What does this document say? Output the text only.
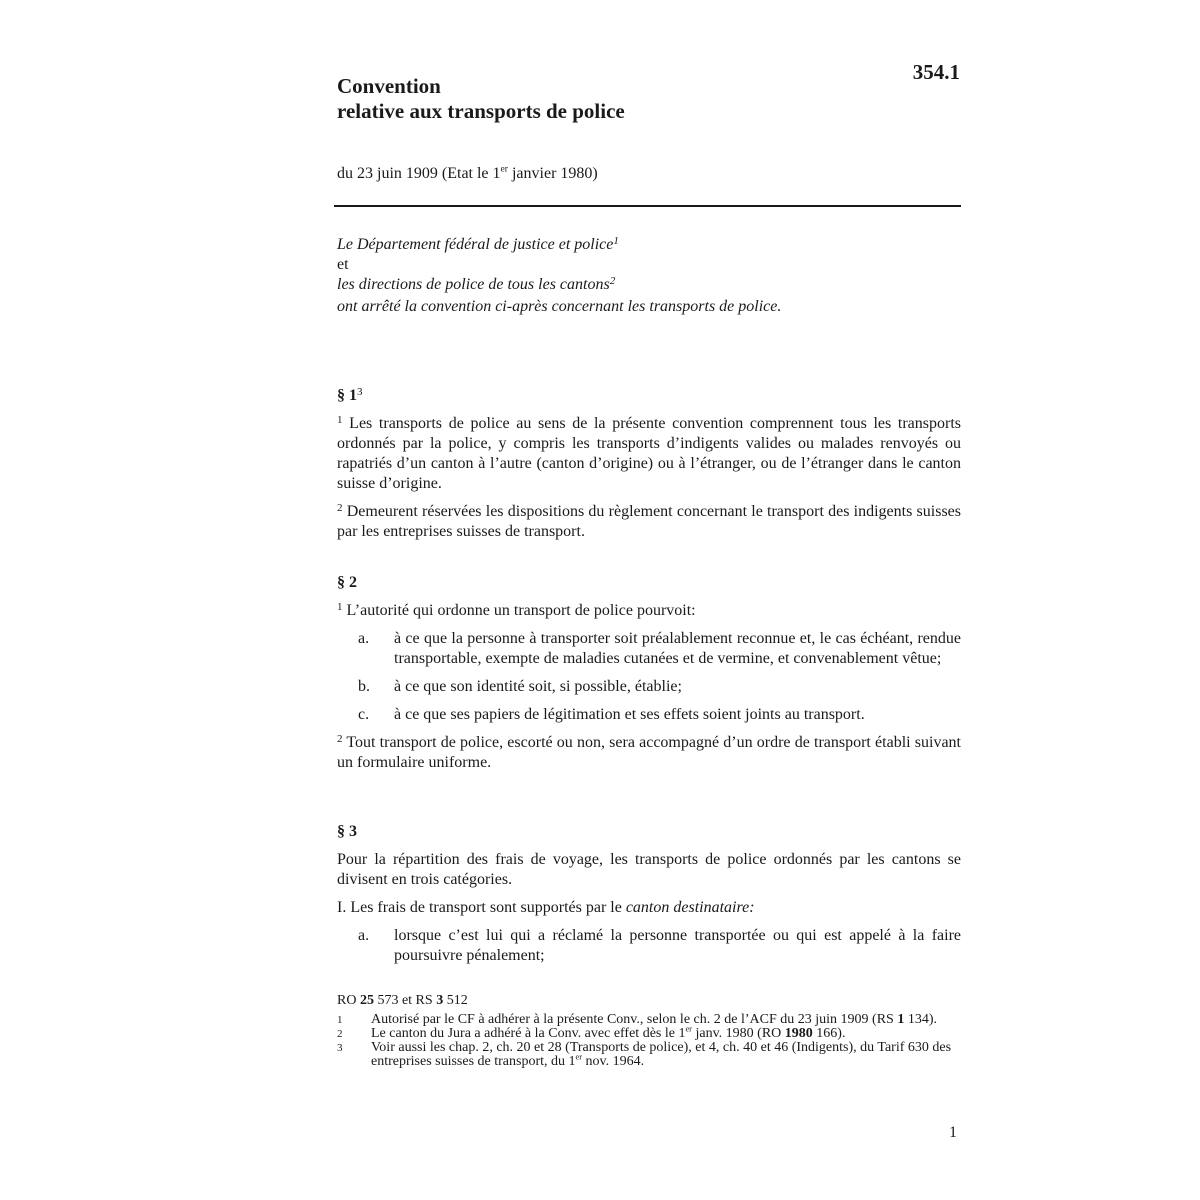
354.1
Convention
relative aux transports de police
du 23 juin 1909 (Etat le 1er janvier 1980)

Le Département fédéral de justice et police$^1$

et

les directions de police de tous les cantons$^2$

ont arrêté la convention ci-après concernant les transports de police.

§ $1^3$

$^1$ Les transports de police au sens de la présente convention comprennent tous les transports ordonnés par la police, y compris les transports d’indigents valides ou malades renvoyés ou rapatriés d’un canton à l’autre (canton d’origine) ou à l’étranger, ou de l’étranger dans le canton suisse d’origine.

$^2$ Demeurent réservées les dispositions du règlement concernant le transport des indigents suisses par les entreprises suisses de transport.

§ 2

$^1$ L’autorité qui ordonne un transport de police pourvoit:

a.	à ce que la personne à transporter soit préalablement reconnue et, le cas échéant, rendue transportable, exempte de maladies cutanées et de vermine, et convenablement vêtue;
b.	à ce que son identité soit, si possible, établie;
c.	à ce que ses papiers de légitimation et ses effets soient joints au transport.

$^2$ Tout transport de police, escorté ou non, sera accompagné d’un ordre de transport établi suivant un formulaire uniforme.

§ 3

Pour la répartition des frais de voyage, les transports de police ordonnés par les cantons se divisent en trois catégories.

I. Les frais de transport sont supportés par le canton destinataire:

a.	lorsque c’est lui qui a réclamé la personne transportée ou qui est appelé à la faire poursuivre pénalement;
RO 25 573 et RS 3 512
1	Autorisé par le CF à adhérer à la présente Conv., selon le ch. 2 de l’ACF du 23 juin 1909 (RS 1 134).
2	Le canton du Jura a adhéré à la Conv. avec effet dès le 1er janv. 1980 (RO 1980 166).
3	Voir aussi les chap. 2, ch. 20 et 28 (Transports de police), et 4, ch. 40 et 46 (Indigents), du Tarif 630 des entreprises suisses de transport, du 1er nov. 1964.
1
